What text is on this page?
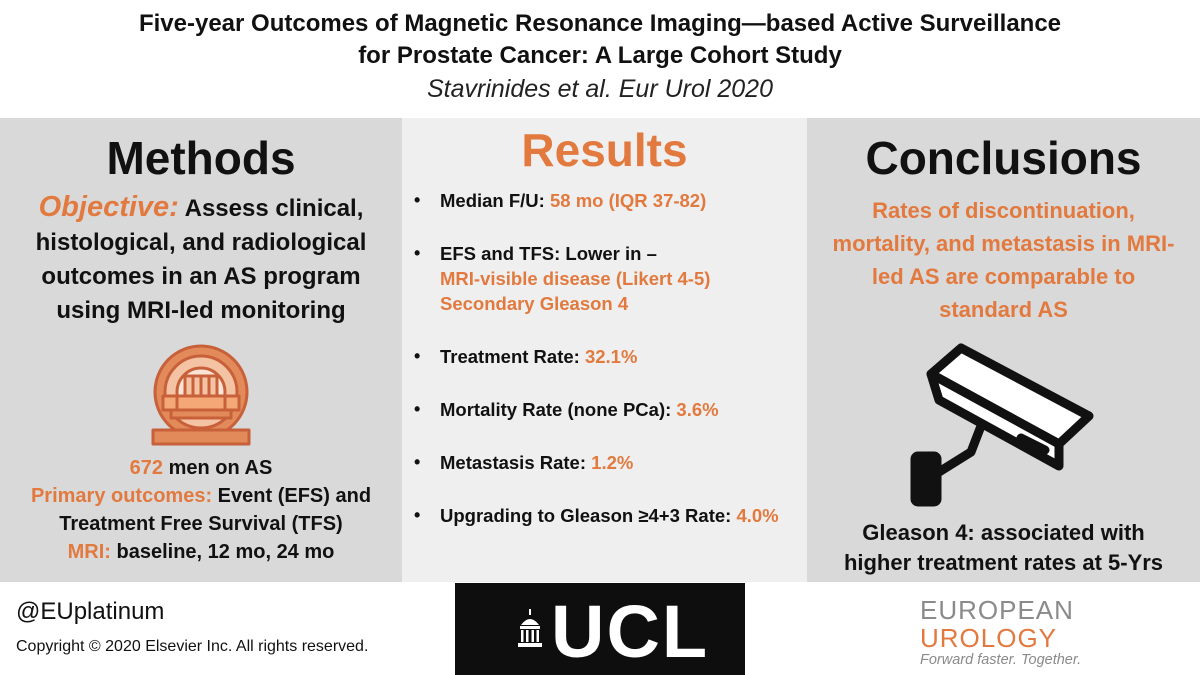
Five-year Outcomes of Magnetic Resonance Imaging—based Active Surveillance
for Prostate Cancer: A Large Cohort Study
Stavrinides et al. Eur Urol 2020
Methods
Objective: Assess clinical, histological, and radiological outcomes in an AS program using MRI-led monitoring
672 men on AS
Primary outcomes: Event (EFS) and
Treatment Free Survival (TFS)
MRI: baseline, 12 mo, 24 mo
Results
• Median F/U: 58 mo (IQR 37-82)
• EFS and TFS: Lower in –
MRI-visible disease (Likert 4-5)
Secondary Gleason 4
• Treatment Rate: 32.1%
• Mortality Rate (none PCa): 3.6%
• Metastasis Rate: 1.2%
• Upgrading to Gleason ≥4+3 Rate: 4.0%
Conclusions
Rates of discontinuation, mortality, and metastasis in MRI-led AS are comparable to standard AS
Gleason 4: associated with
higher treatment rates at 5-Yrs
@EUplatinum
Copyright © 2020 Elsevier Inc. All rights reserved. UCL	EUROPEAN
UROLOGY
Forward faster. Together.
